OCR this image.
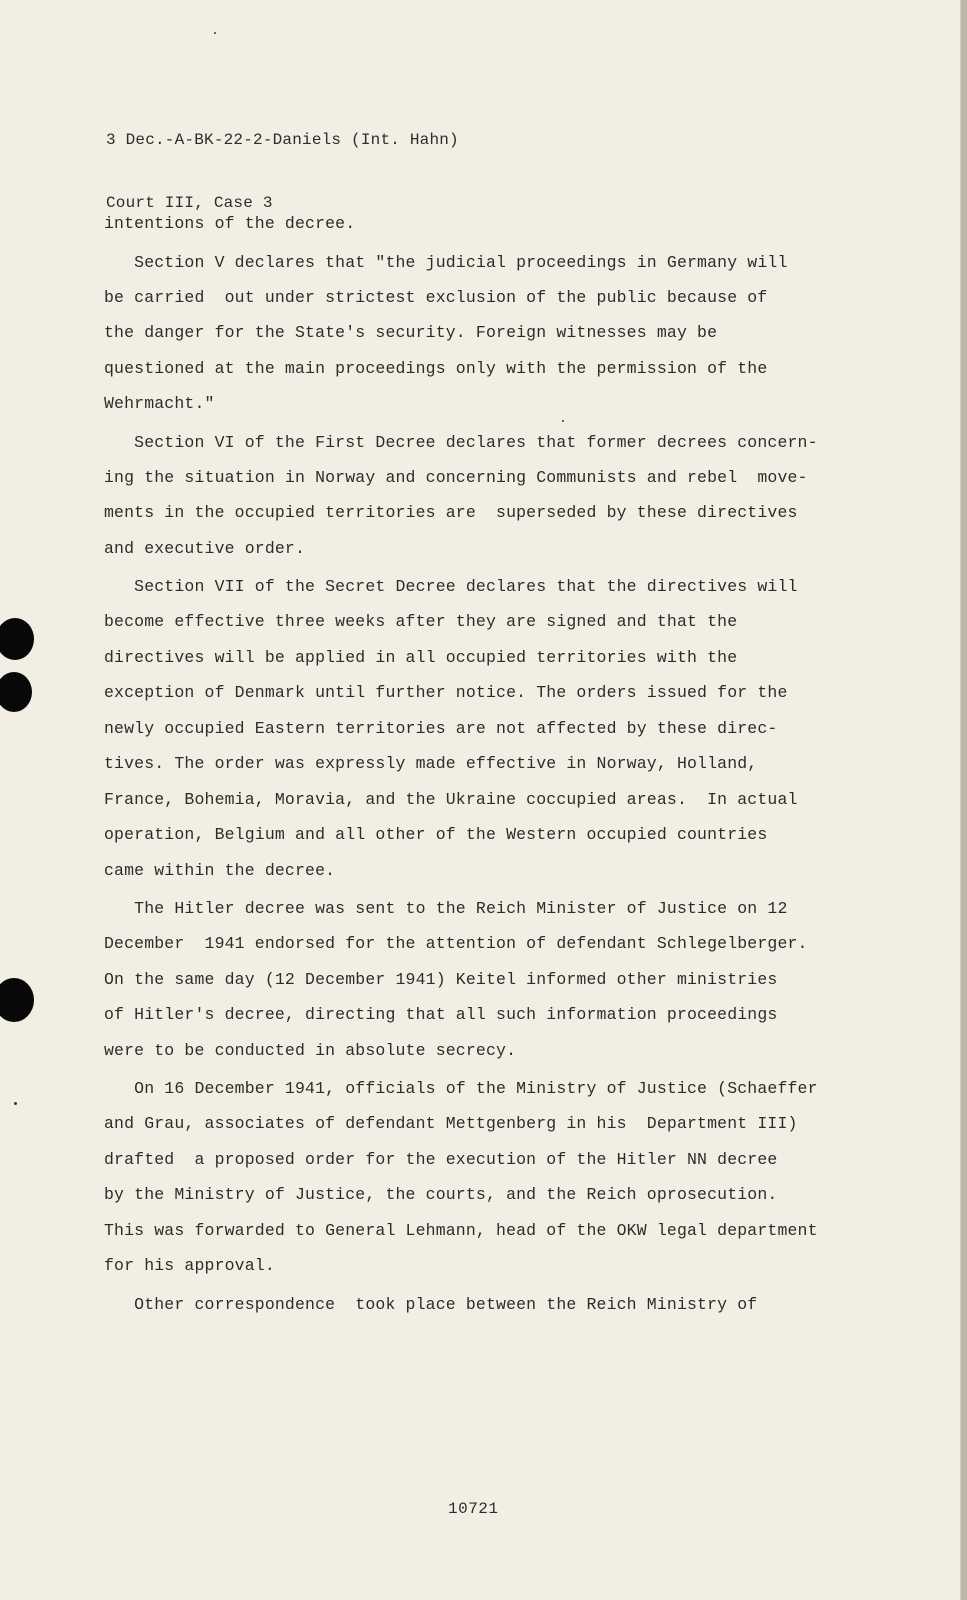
3 Dec.-A-BK-22-2-Daniels (Int. Hahn)

Court III, Case 3

intentions of the decree.
Section V declares that "the judicial proceedings in Germany will
be carried  out under strictest exclusion of the public because of
the danger for the State's security. Foreign witnesses may be
questioned at the main proceedings only with the permission of the
Wehrmacht."
Section VI of the First Decree declares that former decrees concern-
ing the situation in Norway and concerning Communists and rebel  move-
ments in the occupied territories are  superseded by these directives
and executive order.
Section VII of the Secret Decree declares that the directives will
become effective three weeks after they are signed and that the
directives will be applied in all occupied territories with the
exception of Denmark until further notice. The orders issued for the
newly occupied Eastern territories are not affected by these direc-
tives. The order was expressly made effective in Norway, Holland,
France, Bohemia, Moravia, and the Ukraine coccupied areas.  In actual
operation, Belgium and all other of the Western occupied countries
came within the decree.
The Hitler decree was sent to the Reich Minister of Justice on 12
December  1941 endorsed for the attention of defendant Schlegelberger.
On the same day (12 December 1941) Keitel informed other ministries
of Hitler's decree, directing that all such information proceedings
were to be conducted in absolute secrecy.
On 16 December 1941, officials of the Ministry of Justice (Schaeffer
and Grau, associates of defendant Mettgenberg in his  Department III)
drafted  a proposed order for the execution of the Hitler NN decree
by the Ministry of Justice, the courts, and the Reich oprosecution.
This was forwarded to General Lehmann, head of the OKW legal department
for his approval.
Other correspondence  took place between the Reich Ministry of
10721
